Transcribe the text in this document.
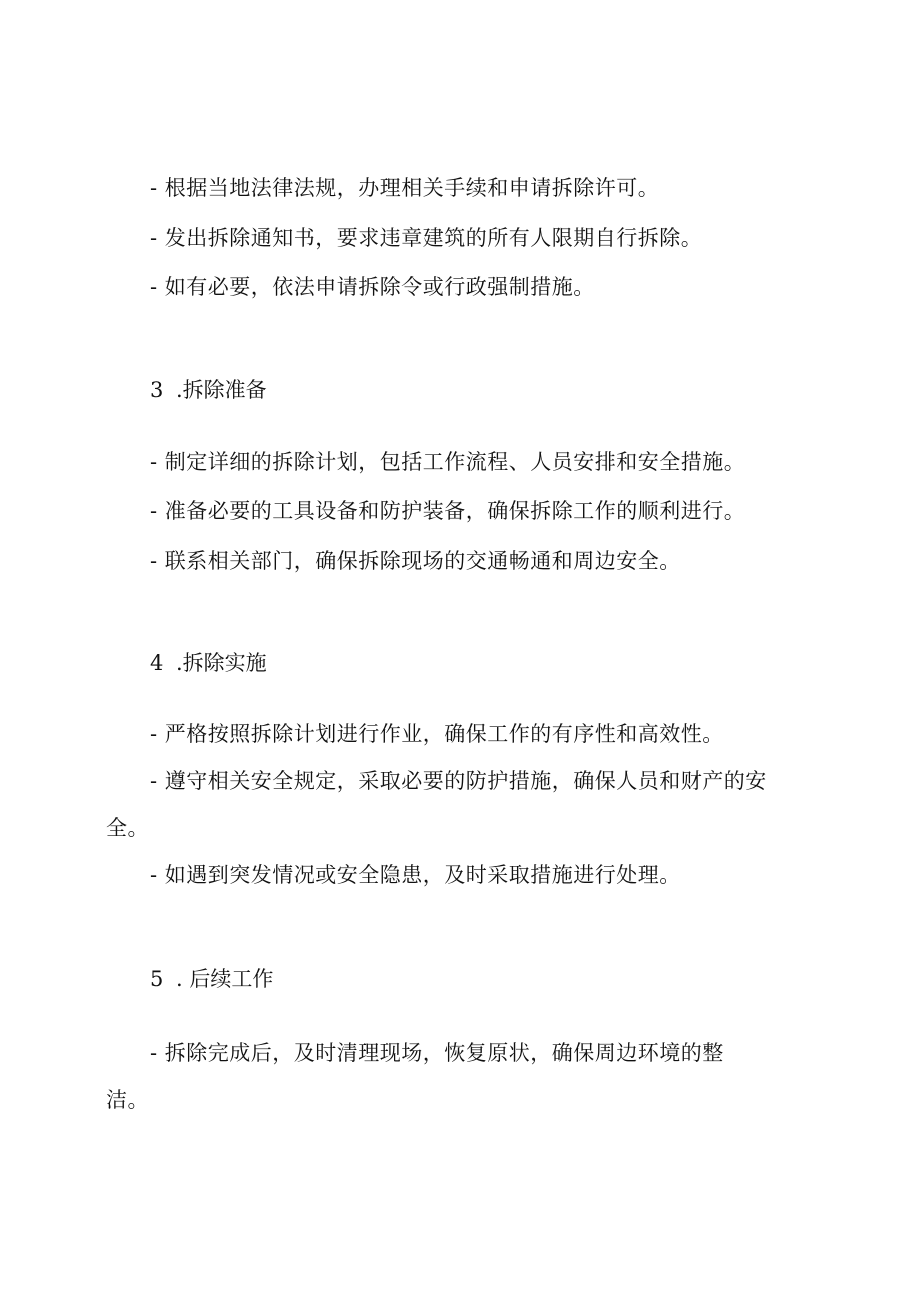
- 根据当地法律法规，办理相关手续和申请拆除许可。
- 发出拆除通知书，要求违章建筑的所有人限期自行拆除。
- 如有必要，依法申请拆除令或行政强制措施。
3 .拆除准备
- 制定详细的拆除计划，包括工作流程、人员安排和安全措施。
- 准备必要的工具设备和防护装备，确保拆除工作的顺利进行。
- 联系相关部门，确保拆除现场的交通畅通和周边安全。
4 .拆除实施
- 严格按照拆除计划进行作业，确保工作的有序性和高效性。
- 遵守相关安全规定，采取必要的防护措施，确保人员和财产的安
全。
- 如遇到突发情况或安全隐患，及时采取措施进行处理。
5 . 后续工作
- 拆除完成后，及时清理现场，恢复原状，确保周边环境的整
洁。
